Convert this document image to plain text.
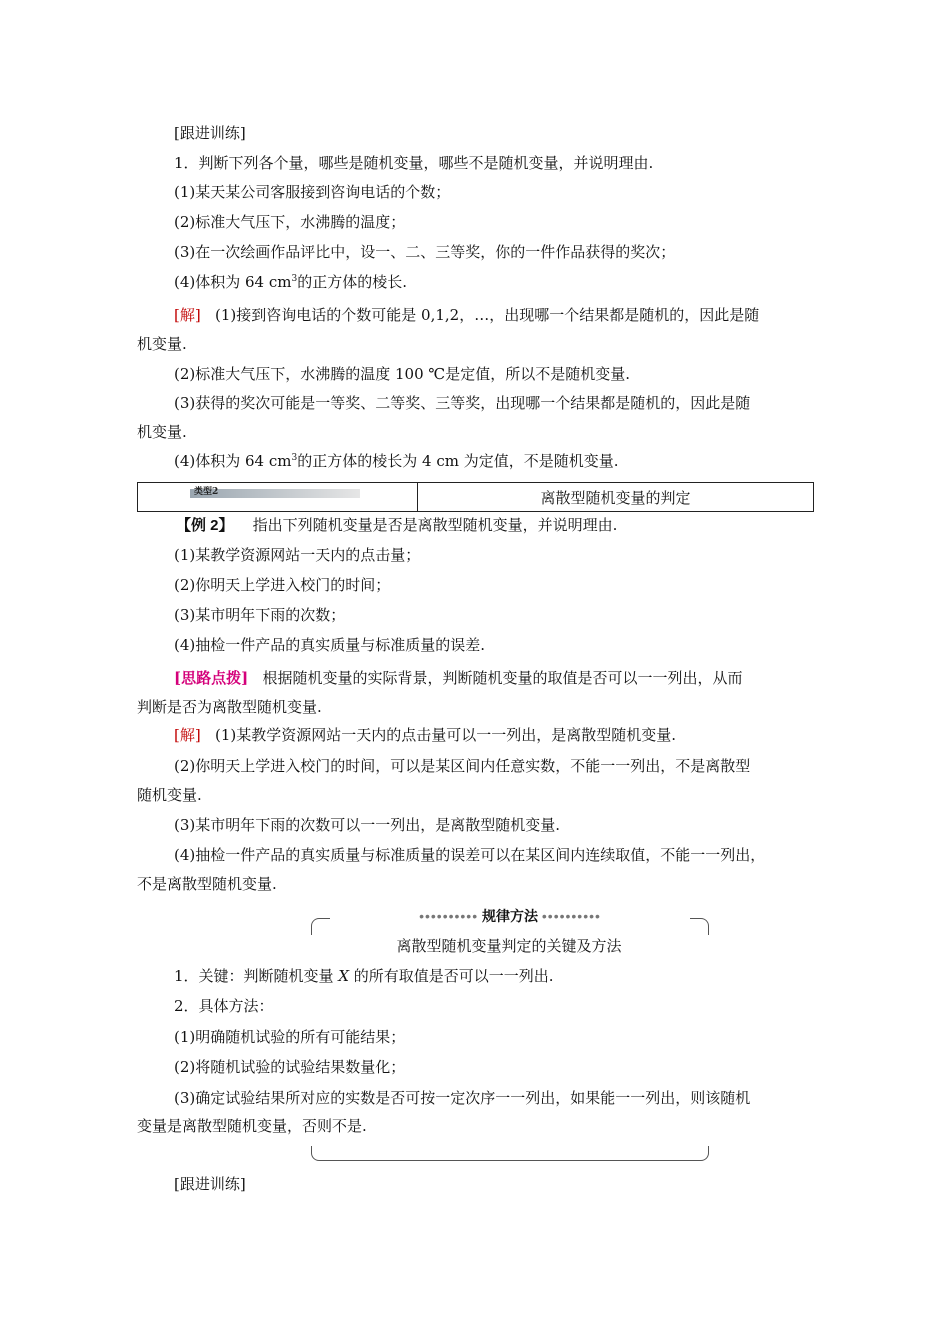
[跟进训练]
1．判断下列各个量，哪些是随机变量，哪些不是随机变量，并说明理由.
(1)某天某公司客服接到咨询电话的个数；
(2)标准大气压下，水沸腾的温度；
(3)在一次绘画作品评比中，设一、二、三等奖，你的一件作品获得的奖次；
(4)体积为 64 $cm^3$的正方体的棱长.
[解] (1)接到咨询电话的个数可能是 0,1,2，…，出现哪一个结果都是随机的，因此是随
机变量.
(2)标准大气压下，水沸腾的温度 100 ℃是定值，所以不是随机变量.
(3)获得的奖次可能是一等奖、二等奖、三等奖，出现哪一个结果都是随机的，因此是随
机变量.
(4)体积为 64 $cm^3$的正方体的棱长为 4 cm 为定值，不是随机变量.
类型2	离散型随机变量的判定
【例 2】 指出下列随机变量是否是离散型随机变量，并说明理由.
(1)某教学资源网站一天内的点击量；
(2)你明天上学进入校门的时间；
(3)某市明年下雨的次数；
(4)抽检一件产品的真实质量与标准质量的误差.
[思路点拨] 根据随机变量的实际背景，判断随机变量的取值是否可以一一列出，从而
判断是否为离散型随机变量.
[解] (1)某教学资源网站一天内的点击量可以一一列出，是离散型随机变量.
(2)你明天上学进入校门的时间，可以是某区间内任意实数，不能一一列出，不是离散型
随机变量.
(3)某市明年下雨的次数可以一一列出，是离散型随机变量.
(4)抽检一件产品的真实质量与标准质量的误差可以在某区间内连续取值，不能一一列出，
不是离散型随机变量.
•••••••••• 规律方法 ••••••••••
离散型随机变量判定的关键及方法
1．关键：判断随机变量 X 的所有取值是否可以一一列出.
2．具体方法：
(1)明确随机试验的所有可能结果；
(2)将随机试验的试验结果数量化；
(3)确定试验结果所对应的实数是否可按一定次序一一列出，如果能一一列出，则该随机
变量是离散型随机变量，否则不是.
[跟进训练]
